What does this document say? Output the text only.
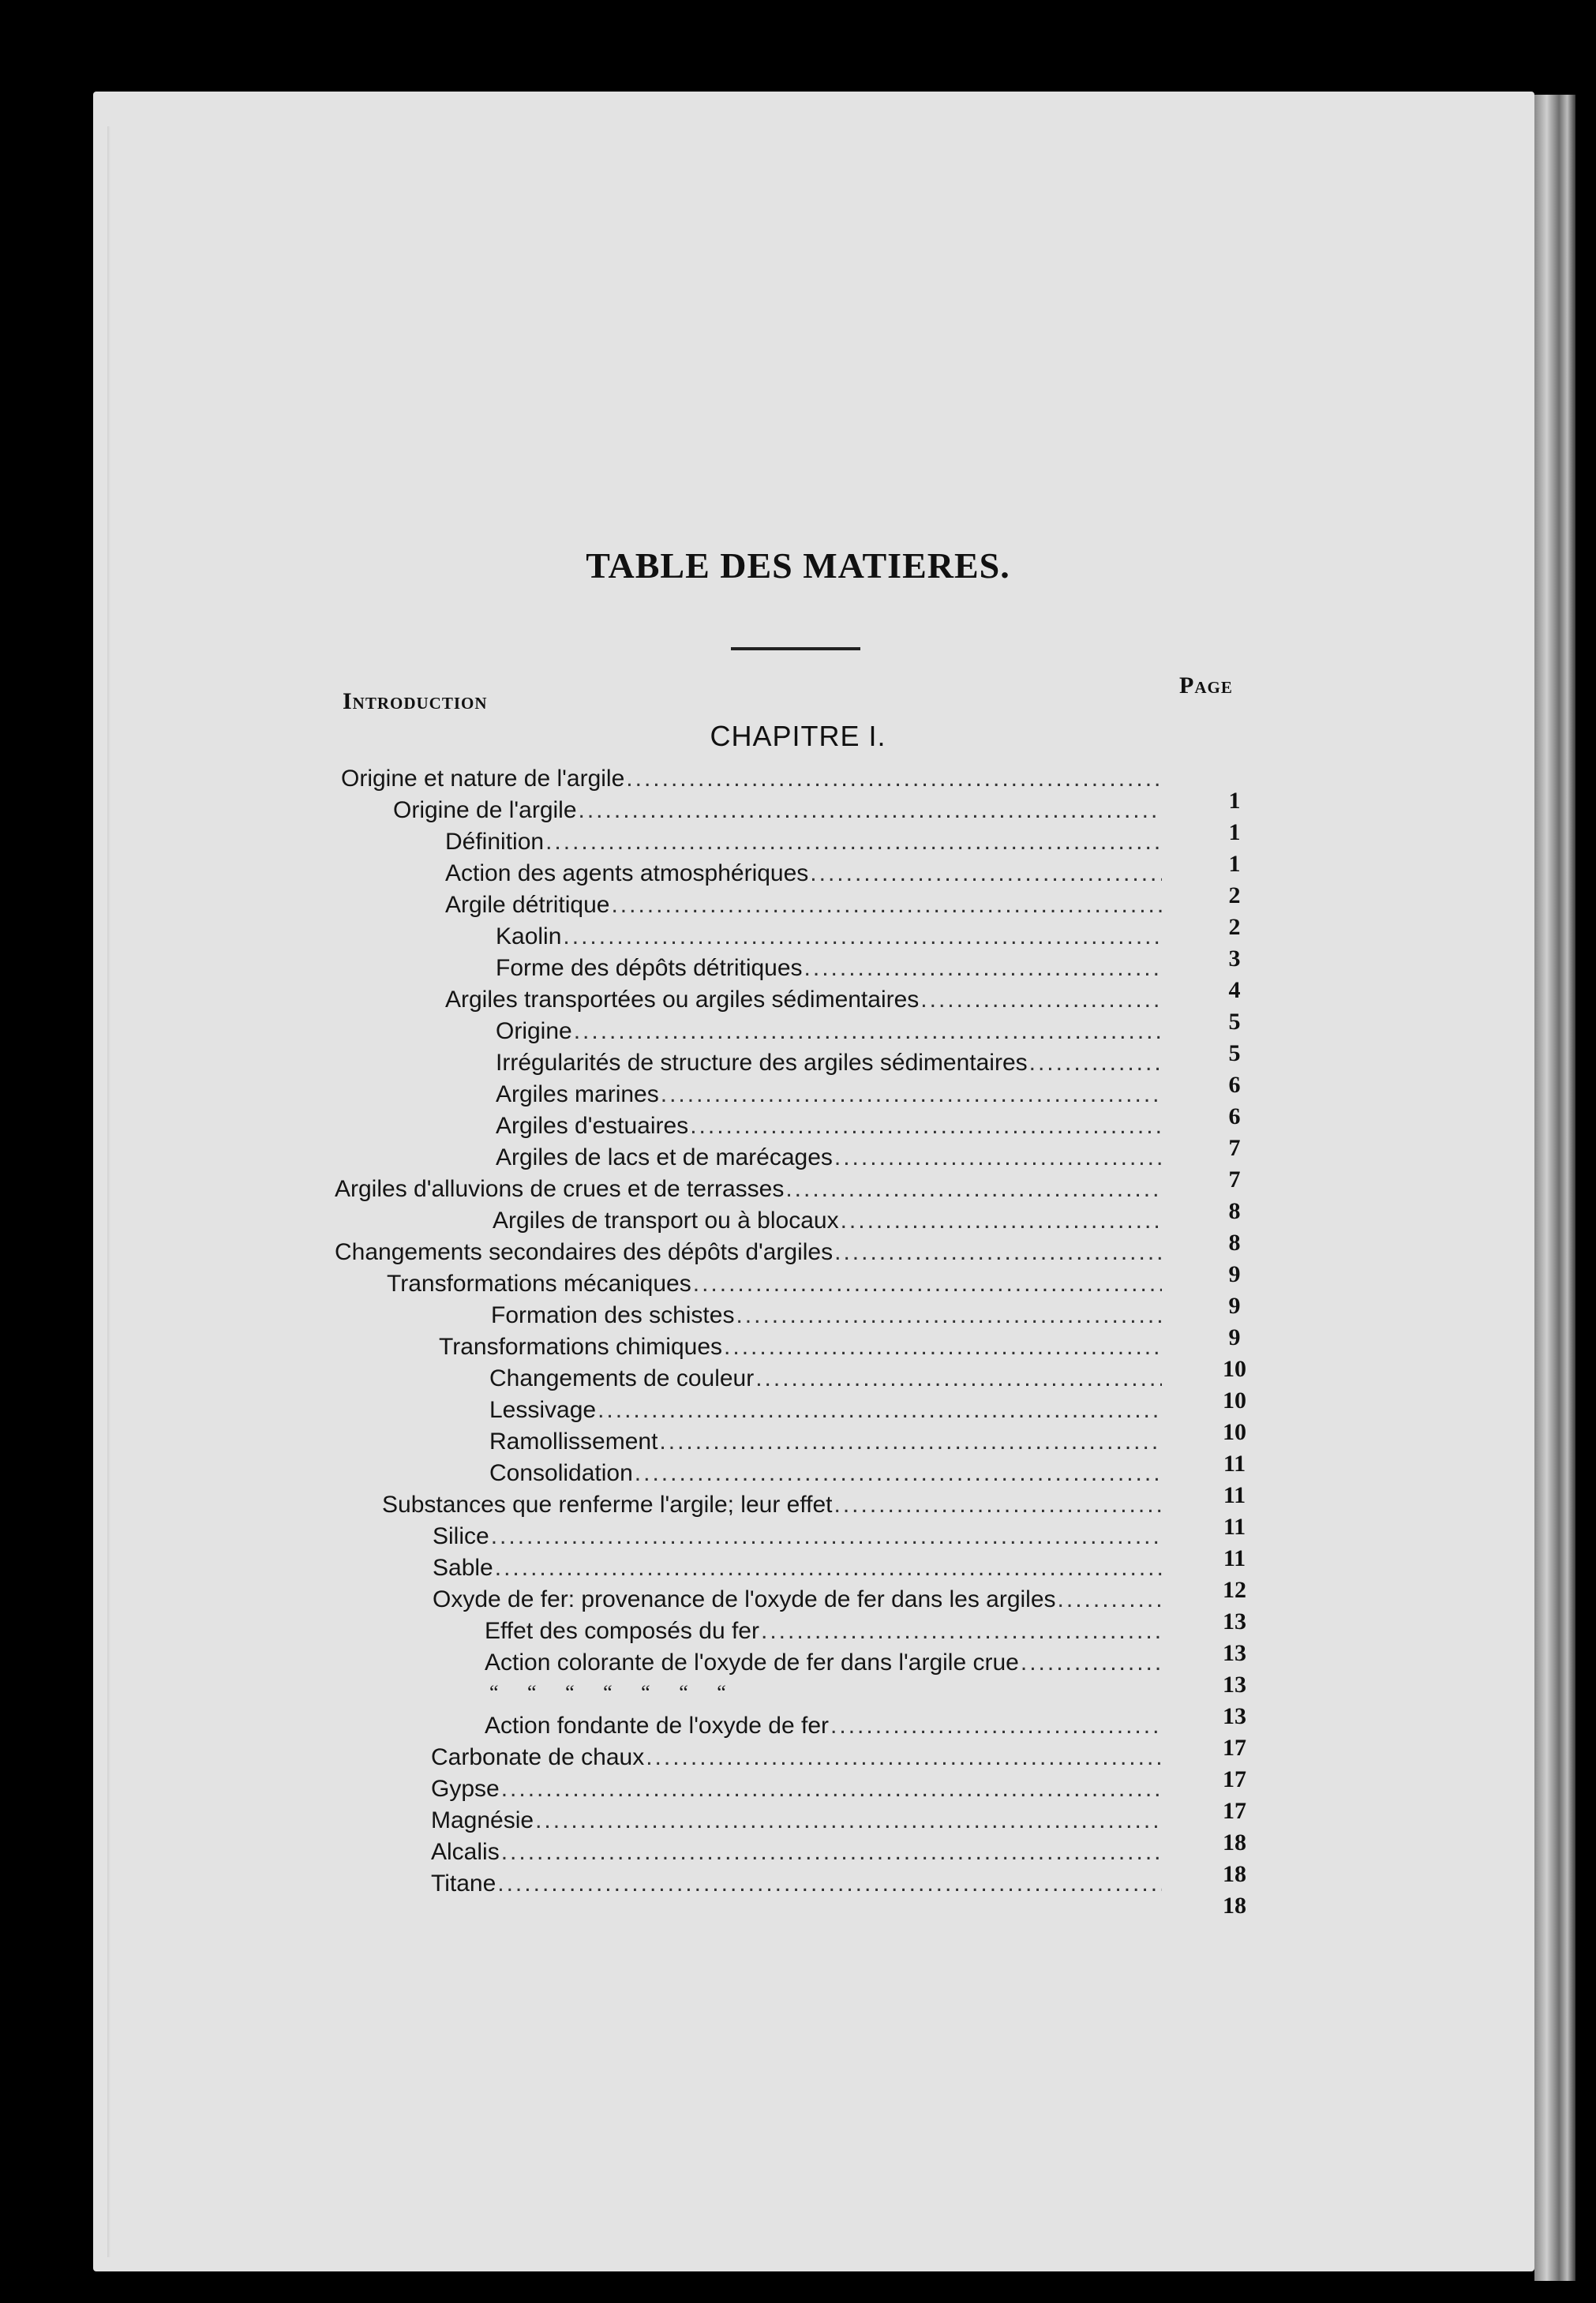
TABLE DES MATIERES.
Introduction
Page
CHAPITRE I.
Origine et nature de l'argile
.....
1
Origine de l'argile
.....
1
Définition
.....
1
Action des agents atmosphériques
.....
2
Argile détritique
.....
2
Kaolin
.....
3
Forme des dépôts détritiques
.....
4
Argiles transportées ou argiles sédimentaires
.....
5
Origine
.....
5
Irrégularités de structure des argiles sédimentaires
.....
6
Argiles marines
.....
6
Argiles d'estuaires
.....
7
Argiles de lacs et de marécages
.....
7
Argiles d'alluvions de crues et de terrasses
.....
8
Argiles de transport ou à blocaux
.....
8
Changements secondaires des dépôts d'argiles
.....
9
Transformations mécaniques
.....
9
Formation des schistes
.....
9
Transformations chimiques
.....
10
Changements de couleur
.....
10
Lessivage
.....
10
Ramollissement
.....
11
Consolidation
.....
11
Substances que renferme l'argile; leur effet
.....
11
Silice
.....
11
Sable
.....
12
Oxyde de fer: provenance de l'oxyde de fer dans les argiles
.....
13
Effet des composés du fer
.....
13
Action colorante de l'oxyde de fer dans l'argile crue
.....
13
“ “ “ “ “ “ “
13
Action fondante de l'oxyde de fer
.....
17
Carbonate de chaux
.....
17
Gypse
.....
17
Magnésie
.....
18
Alcalis
.....
18
Titane
.....
18
